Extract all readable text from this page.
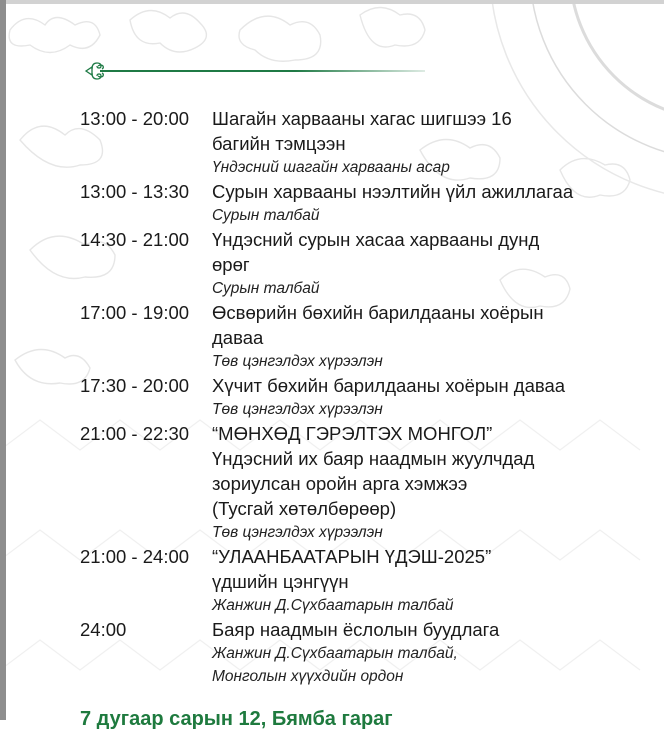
13:00 - 20:00	Шагайн харвааны хагас шигшээ 16
багийн тэмцээн
Үндэсний шагайн харвааны асар
13:00 - 13:30	Сурын харвааны нээлтийн үйл ажиллагаа
Сурын талбай
14:30 - 21:00	Үндэсний сурын хасаа харвааны дунд
өрөг
Сурын талбай
17:00 - 19:00	Өсвөрийн бөхийн барилдааны хоёрын
даваа
Төв цэнгэлдэх хүрээлэн
17:30 - 20:00	Хүчит бөхийн барилдааны хоёрын даваа
Төв цэнгэлдэх хүрээлэн
21:00 - 22:30	“МӨНХӨД ГЭРЭЛТЭХ МОНГОЛ”
Үндэсний их баяр наадмын жуулчдад
зориулсан оройн арга хэмжээ
(Тусгай хөтөлбөрөөр)
Төв цэнгэлдэх хүрээлэн
21:00 - 24:00	“УЛААНБААТАРЫН ҮДЭШ-2025”
үдшийн цэнгүүн
Жанжин Д.Сүхбаатарын талбай
24:00	Баяр наадмын ёслолын буудлага
Жанжин Д.Сүхбаатарын талбай,
Монголын хүүхдийн ордон
7 дугаар сарын 12, Бямба гараг
